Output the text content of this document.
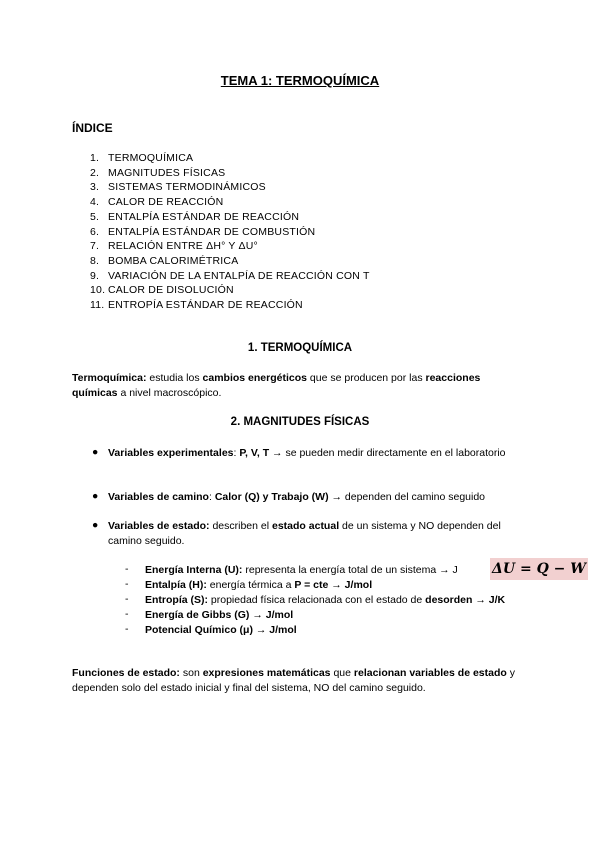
TEMA 1: TERMOQUÍMICA
ÍNDICE
1. TERMOQUÍMICA
2. MAGNITUDES FÍSICAS
3. SISTEMAS TERMODINÁMICOS
4. CALOR DE REACCIÓN
5. ENTALPÍA ESTÁNDAR DE REACCIÓN
6. ENTALPÍA ESTÁNDAR DE COMBUSTIÓN
7. RELACIÓN ENTRE ΔH° Y ΔU°
8. BOMBA CALORIMÉTRICA
9. VARIACIÓN DE LA ENTALPÍA DE REACCIÓN CON T
10. CALOR DE DISOLUCIÓN
11. ENTROPÍA ESTÁNDAR DE REACCIÓN
1. TERMOQUÍMICA
Termoquímica: estudia los cambios energéticos que se producen por las reacciones químicas a nivel macroscópico.
2. MAGNITUDES FÍSICAS
● Variables experimentales: P, V, T → se pueden medir directamente en el laboratorio
● Variables de camino: Calor (Q) y Trabajo (W) → dependen del camino seguido
● Variables de estado: describen el estado actual de un sistema y NO dependen del camino seguido.
- Energía Interna (U): representa la energía total de un sistema → J
- Entalpía (H): energía térmica a P = cte → J/mol
- Entropía (S): propiedad física relacionada con el estado de desorden → J/K
- Energía de Gibbs (G) → J/mol
- Potencial Químico (μ) → J/mol
ΔU = Q − W
Funciones de estado: son expresiones matemáticas que relacionan variables de estado y dependen solo del estado inicial y final del sistema, NO del camino seguido.
